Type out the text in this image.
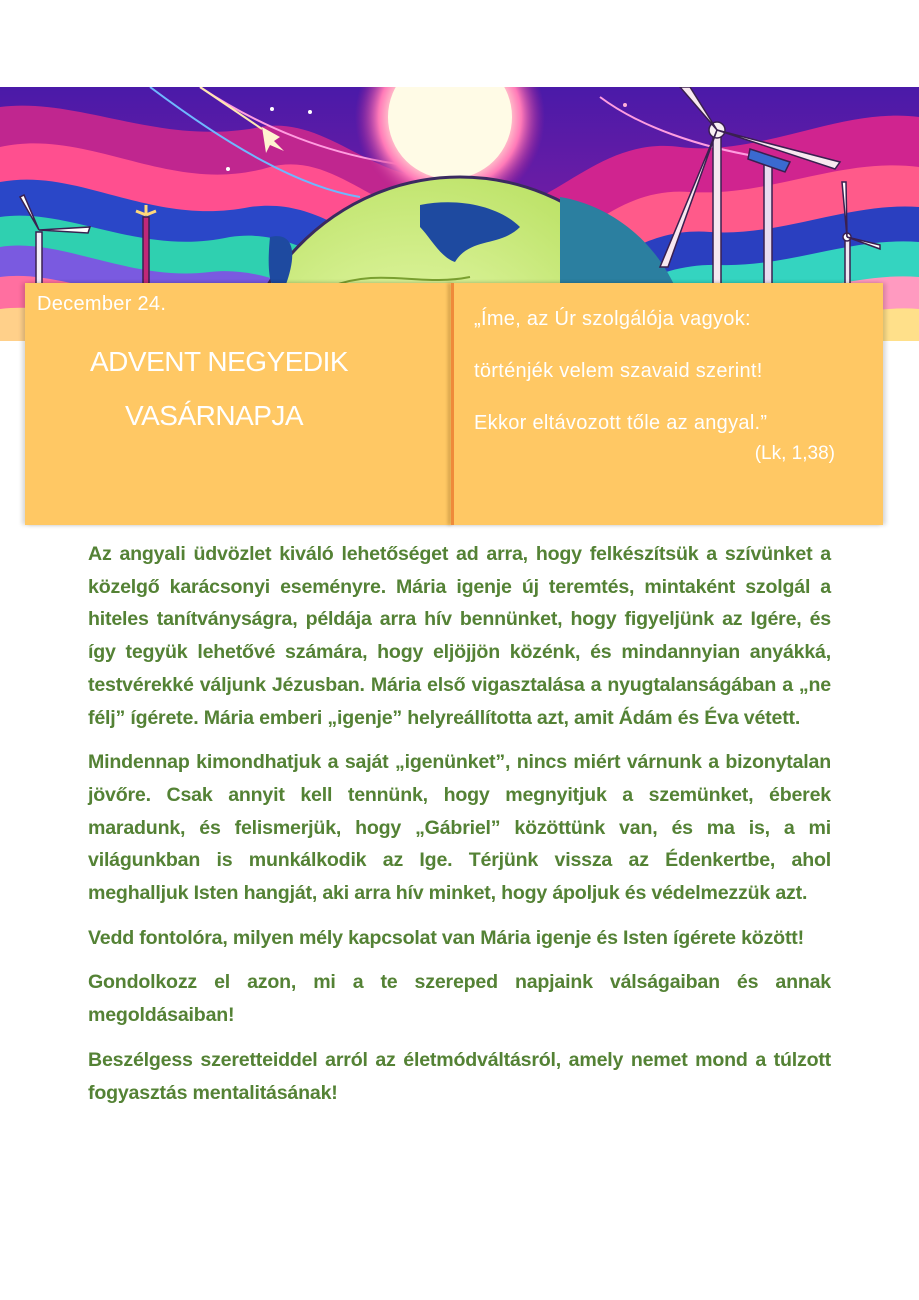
December 24.
ADVENT NEGYEDIK
VASÁRNAPJA
„Íme, az Úr szolgálója vagyok:
történjék velem szavaid szerint!
Ekkor eltávozott tőle az angyal.”
(Lk, 1,38)

Az angyali üdvözlet kiváló lehetőséget ad arra, hogy felkészítsük a szívünket a közelgő karácsonyi eseményre. Mária igenje új teremtés, mintaként szolgál a hiteles tanítványságra, példája arra hív bennünket, hogy figyeljünk az Igére, és így tegyük lehetővé számára, hogy eljöjjön közénk, és mindannyian anyákká, testvérekké váljunk Jézusban. Mária első vigasztalása a nyugtalanságában a „ne félj” ígérete. Mária emberi „igenje” helyreállította azt, amit Ádám és Éva vétett.

Mindennap kimondhatjuk a saját „igenünket”, nincs miért várnunk a bizonytalan jövőre. Csak annyit kell tennünk, hogy megnyitjuk a szemünket, éberek maradunk, és felismerjük, hogy „Gábriel” közöttünk van, és ma is, a mi világunkban is munkálkodik az Ige. Térjünk vissza az Édenkertbe, ahol meghalljuk Isten hangját, aki arra hív minket, hogy ápoljuk és védelmezzük azt.

Vedd fontolóra, milyen mély kapcsolat van Mária igenje és Isten ígérete között!

Gondolkozz el azon, mi a te szereped napjaink válságaiban és annak megoldásaiban!

Beszélgess szeretteiddel arról az életmódváltásról, amely nemet mond a túlzott fogyasztás mentalitásának!
